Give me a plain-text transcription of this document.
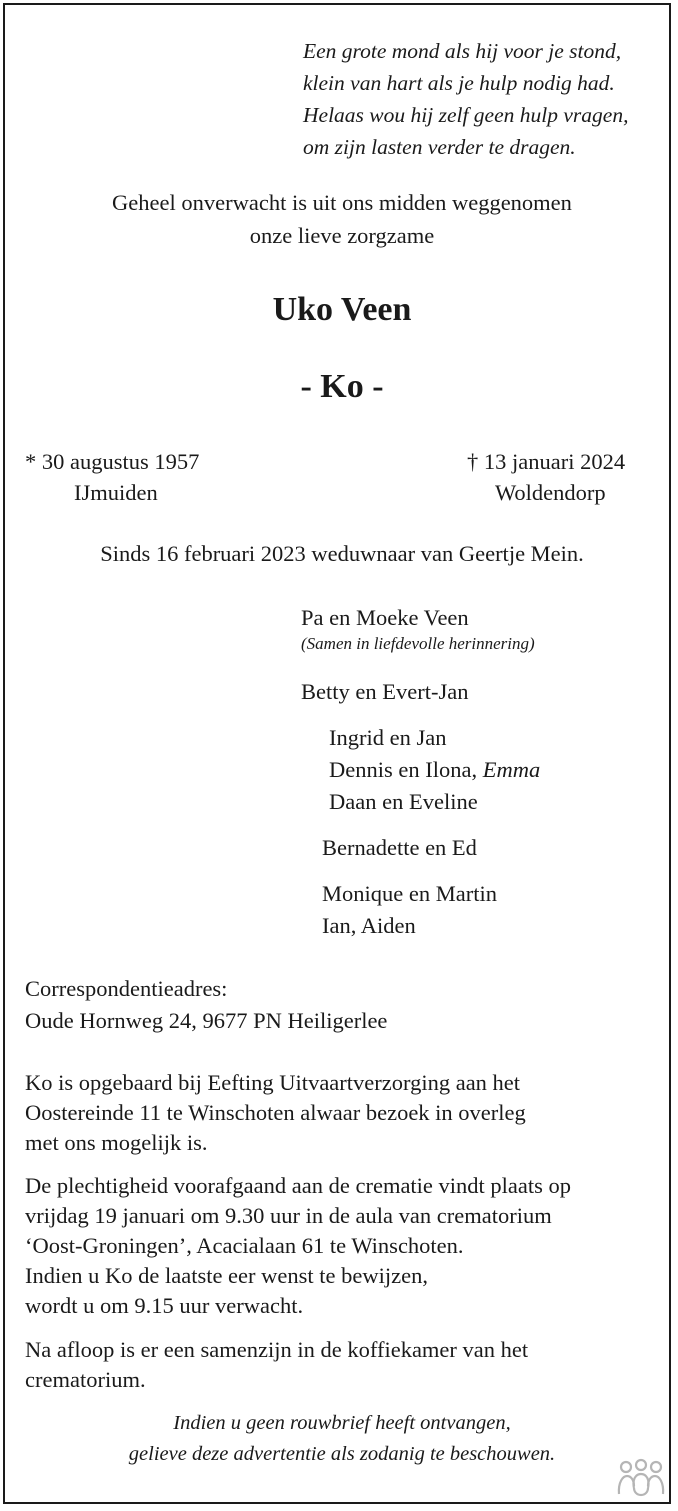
Een grote mond als hij voor je stond,
klein van hart als je hulp nodig had.
Helaas wou hij zelf geen hulp vragen,
om zijn lasten verder te dragen.
Geheel onverwacht is uit ons midden weggenomen
onze lieve zorgzame
Uko Veen
- Ko -
* 30 augustus 1957
IJmuiden
† 13 januari 2024
Woldendorp
Sinds 16 februari 2023 weduwnaar van Geertje Mein.
Pa en Moeke Veen
(Samen in liefdevolle herinnering)
Betty en Evert-Jan
Ingrid en Jan
Dennis en Ilona, Emma
Daan en Eveline
Bernadette en Ed
Monique en Martin
Ian, Aiden
Correspondentieadres:
Oude Hornweg 24, 9677 PN Heiligerlee
Ko is opgebaard bij Eefting Uitvaartverzorging aan het
Oostereinde 11 te Winschoten alwaar bezoek in overleg
met ons mogelijk is.
De plechtigheid voorafgaand aan de crematie vindt plaats op
vrijdag 19 januari om 9.30 uur in de aula van crematorium
‘Oost-Groningen’, Acacialaan 61 te Winschoten.
Indien u Ko de laatste eer wenst te bewijzen,
wordt u om 9.15 uur verwacht.
Na afloop is er een samenzijn in de koffiekamer van het
crematorium.
Indien u geen rouwbrief heeft ontvangen,
gelieve deze advertentie als zodanig te beschouwen.
